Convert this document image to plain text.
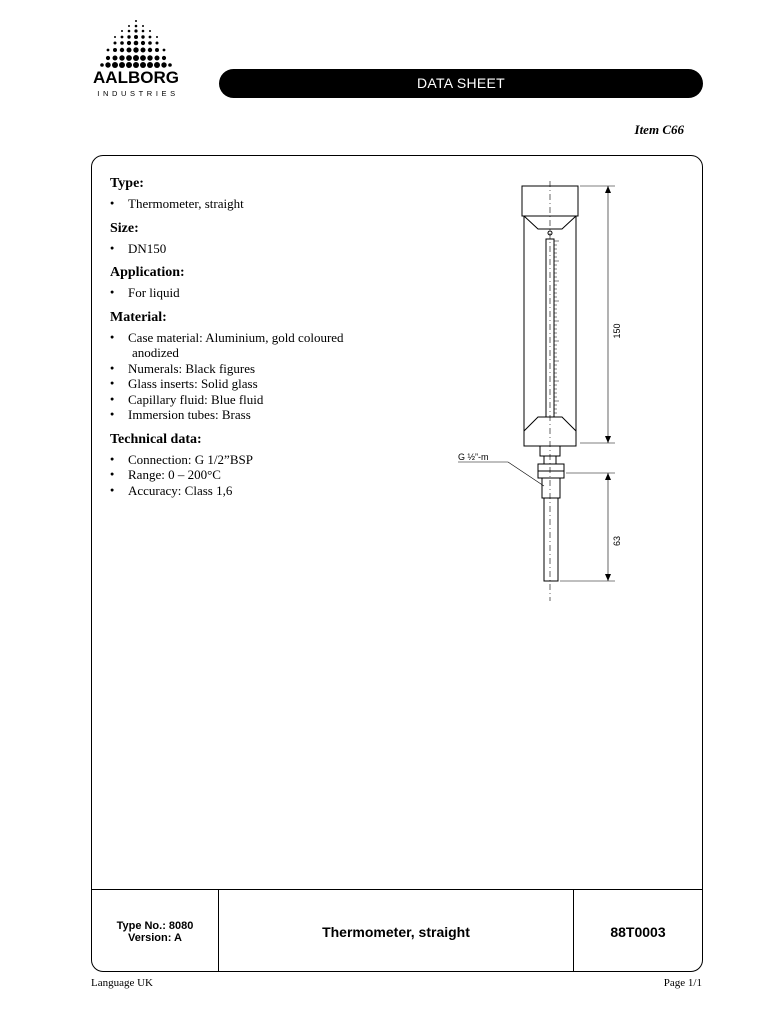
AALBORG
INDUSTRIES
DATA SHEET
Item C66
Type:
● Thermometer, straight
Size:
● DN150
Application:
● For liquid
Material:
● Case material: Aluminium, gold coloured
anodized
● Numerals: Black figures
● Glass inserts: Solid glass
● Capillary fluid: Blue fluid
● Immersion tubes: Brass
Technical data:
● Connection: G 1/2”BSP
● Range: 0 – 200°C
● Accuracy: Class 1,6
150
63
G ½”-m
Type No.: 8080
Version: A	Thermometer, straight	88T0003
Language UK	Page 1/1
